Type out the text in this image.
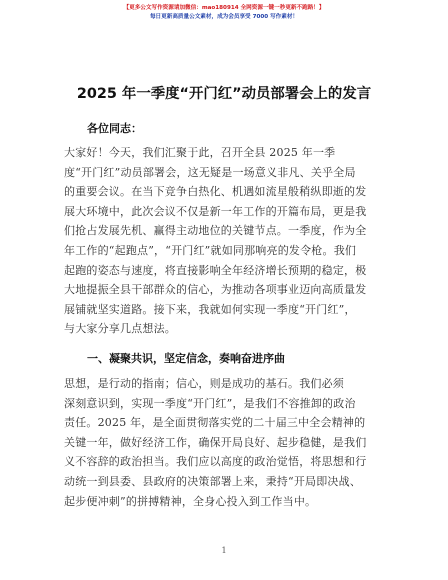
【更多公文写作资源请加微信：mao180914 全网资源一键一秒更新不跑路！】
每日更新高质量公文素材，成为会员享受 7000 写作素材！
2025 年一季度“开门红”动员部署会上的发言
各位同志：
大家好！今天，我们汇聚于此，召开全县 2025 年一季
度“开门红”动员部署会，这无疑是一场意义非凡、关乎全局
的重要会议。在当下竞争白热化、机遇如流星般稍纵即逝的发
展大环境中，此次会议不仅是新一年工作的开篇布局，更是我
们抢占发展先机、赢得主动地位的关键节点。一季度，作为全
年工作的“起跑点”，“开门红”就如同那响亮的发令枪。我们
起跑的姿态与速度，将直接影响全年经济增长预期的稳定，极
大地提振全县干部群众的信心，为推动各项事业迈向高质量发
展铺就坚实道路。接下来，我就如何实现一季度“开门红”，
与大家分享几点想法。
一、凝聚共识，坚定信念，奏响奋进序曲
思想，是行动的指南；信心，则是成功的基石。我们必须
深刻意识到，实现一季度“开门红”，是我们不容推卸的政治
责任。2025 年，是全面贯彻落实党的二十届三中全会精神的
关键一年，做好经济工作，确保开局良好、起步稳健，是我们
义不容辞的政治担当。我们应以高度的政治觉悟，将思想和行
动统一到县委、县政府的决策部署上来，秉持“开局即决战、
起步便冲刺”的拼搏精神，全身心投入到工作当中。
1
